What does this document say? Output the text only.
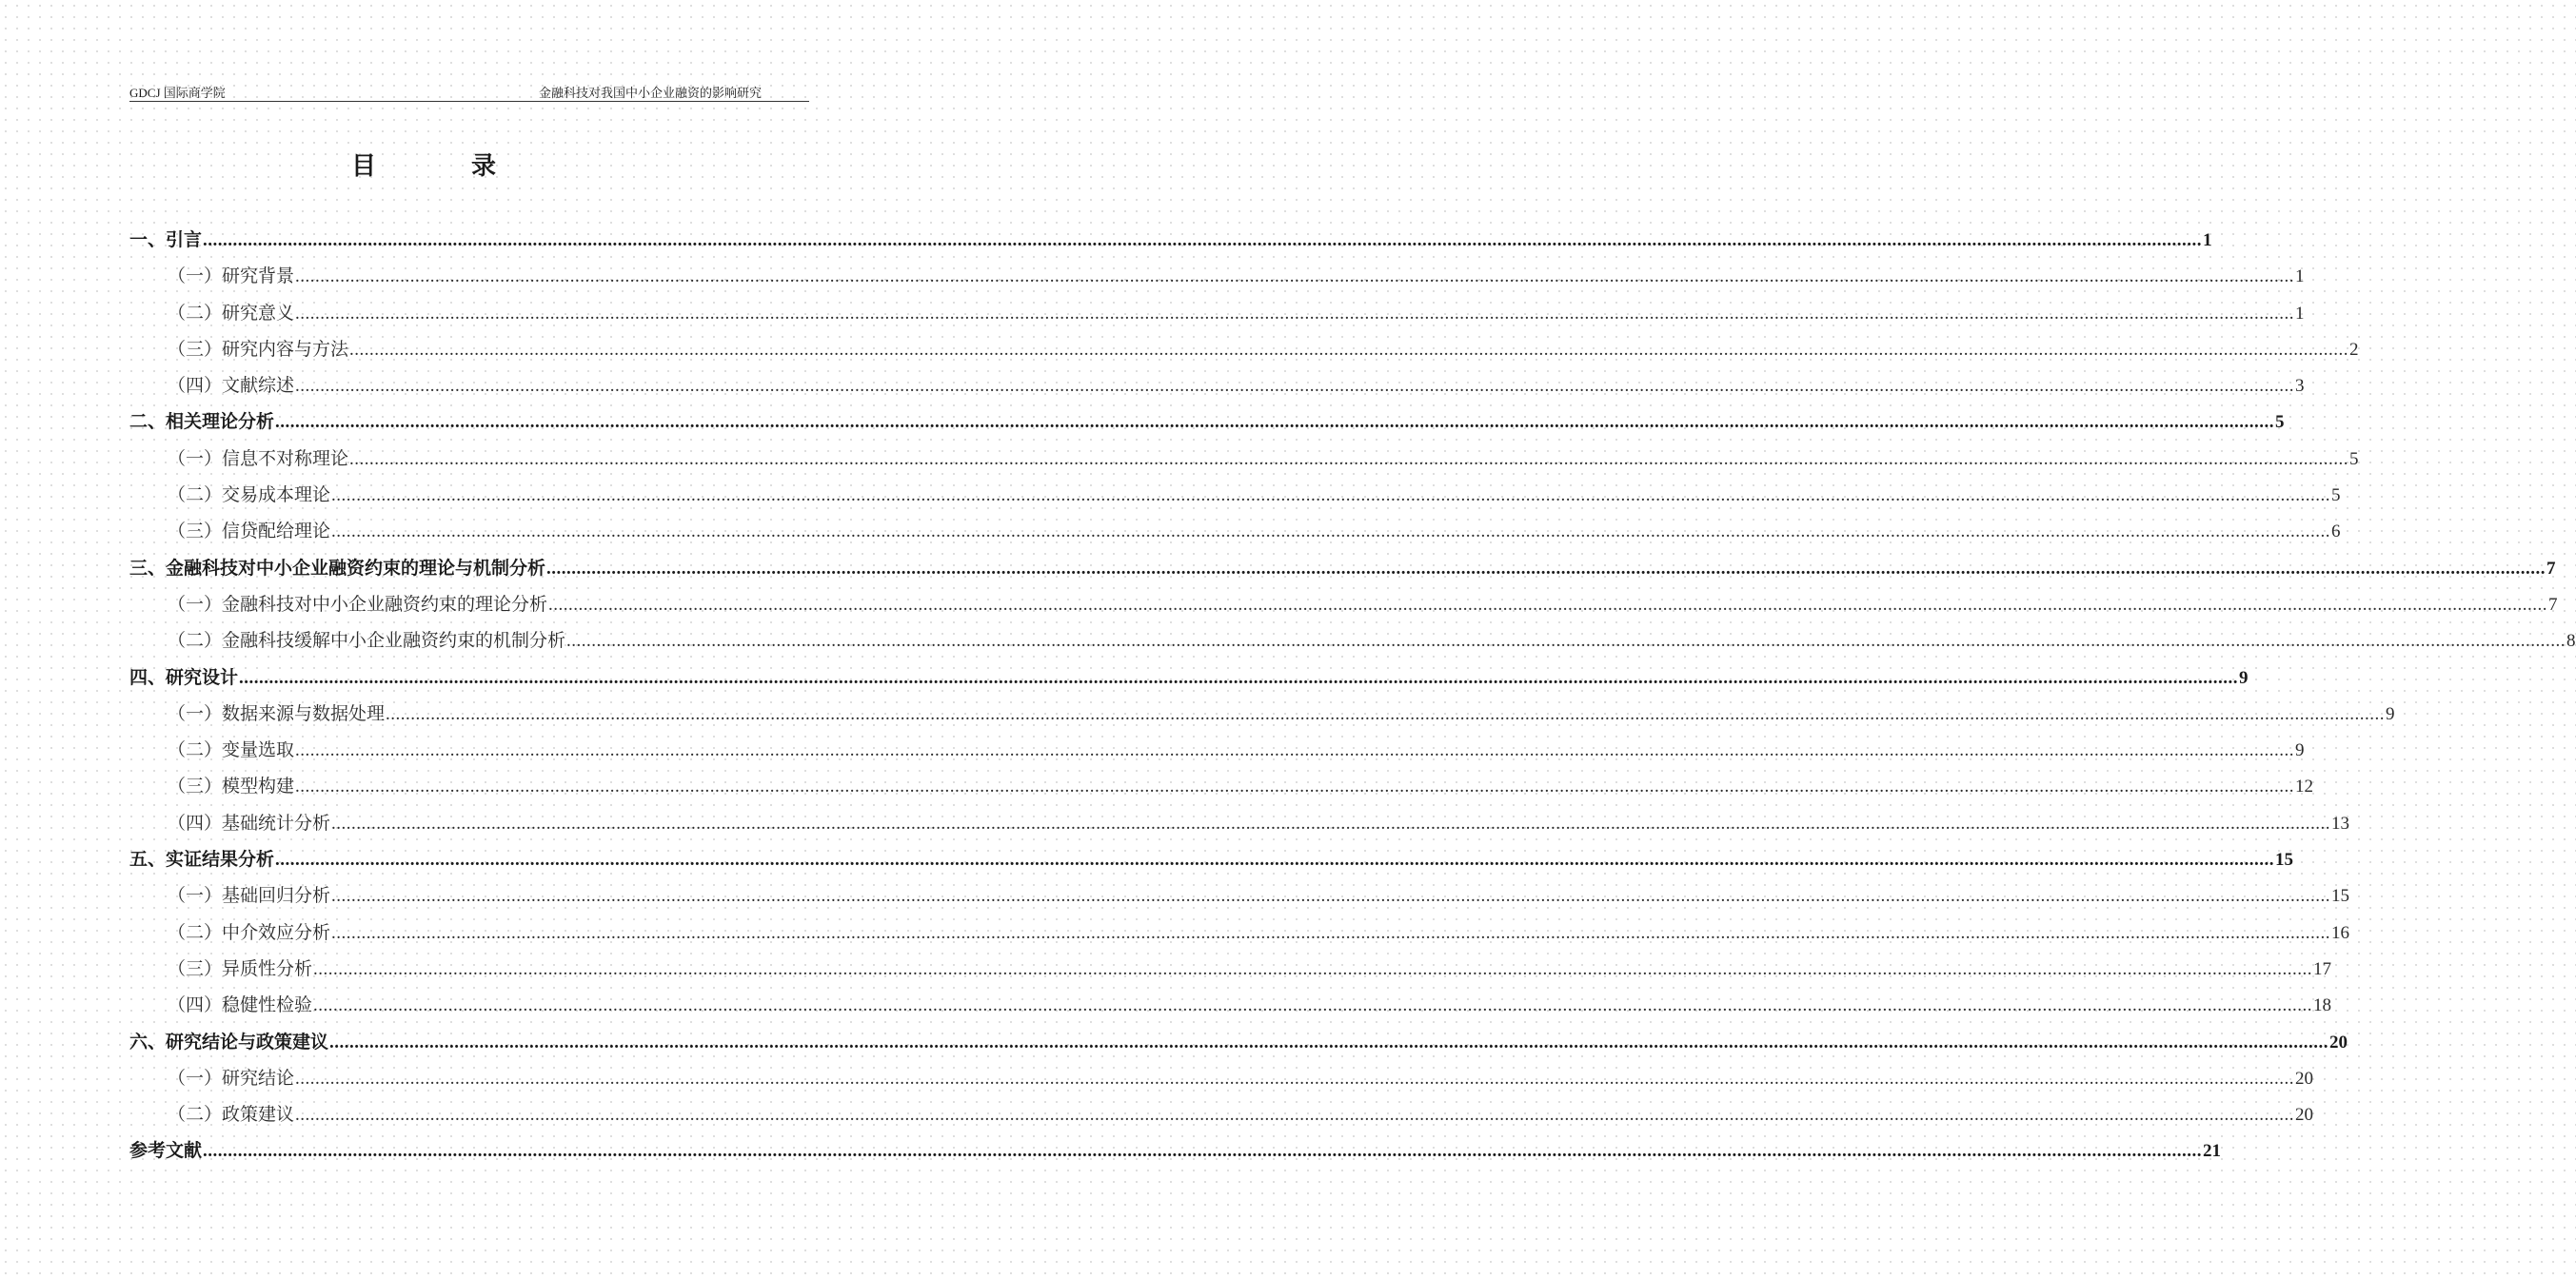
GDCJ 国际商学院	金融科技对我国中小企业融资的影响研究
目录
一、引言 ................................................................................................................................................................................................................................................................................................................................................................................................................ 1
（一）研究背景 ................................................................................................................................................................................................................................................................................................................................................................................................................ 1
（二）研究意义 ................................................................................................................................................................................................................................................................................................................................................................................................................ 1
（三）研究内容与方法 ................................................................................................................................................................................................................................................................................................................................................................................................................ 2
（四）文献综述 ................................................................................................................................................................................................................................................................................................................................................................................................................ 3
二、相关理论分析 ................................................................................................................................................................................................................................................................................................................................................................................................................ 5
（一）信息不对称理论 ................................................................................................................................................................................................................................................................................................................................................................................................................ 5
（二）交易成本理论 ................................................................................................................................................................................................................................................................................................................................................................................................................ 5
（三）信贷配给理论 ................................................................................................................................................................................................................................................................................................................................................................................................................ 6
三、金融科技对中小企业融资约束的理论与机制分析 ................................................................................................................................................................................................................................................................................................................................................................................................................ 7
（一）金融科技对中小企业融资约束的理论分析 ................................................................................................................................................................................................................................................................................................................................................................................................................ 7
（二）金融科技缓解中小企业融资约束的机制分析 ................................................................................................................................................................................................................................................................................................................................................................................................................ 8
四、研究设计 ................................................................................................................................................................................................................................................................................................................................................................................................................ 9
（一）数据来源与数据处理 ................................................................................................................................................................................................................................................................................................................................................................................................................ 9
（二）变量选取 ................................................................................................................................................................................................................................................................................................................................................................................................................ 9
（三）模型构建 ................................................................................................................................................................................................................................................................................................................................................................................................................ 12
（四）基础统计分析 ................................................................................................................................................................................................................................................................................................................................................................................................................ 13
五、实证结果分析 ................................................................................................................................................................................................................................................................................................................................................................................................................ 15
（一）基础回归分析 ................................................................................................................................................................................................................................................................................................................................................................................................................ 15
（二）中介效应分析 ................................................................................................................................................................................................................................................................................................................................................................................................................ 16
（三）异质性分析 ................................................................................................................................................................................................................................................................................................................................................................................................................ 17
（四）稳健性检验 ................................................................................................................................................................................................................................................................................................................................................................................................................ 18
六、研究结论与政策建议 ................................................................................................................................................................................................................................................................................................................................................................................................................ 20
（一）研究结论 ................................................................................................................................................................................................................................................................................................................................................................................................................ 20
（二）政策建议 ................................................................................................................................................................................................................................................................................................................................................................................................................ 20
参考文献 ................................................................................................................................................................................................................................................................................................................................................................................................................ 21
